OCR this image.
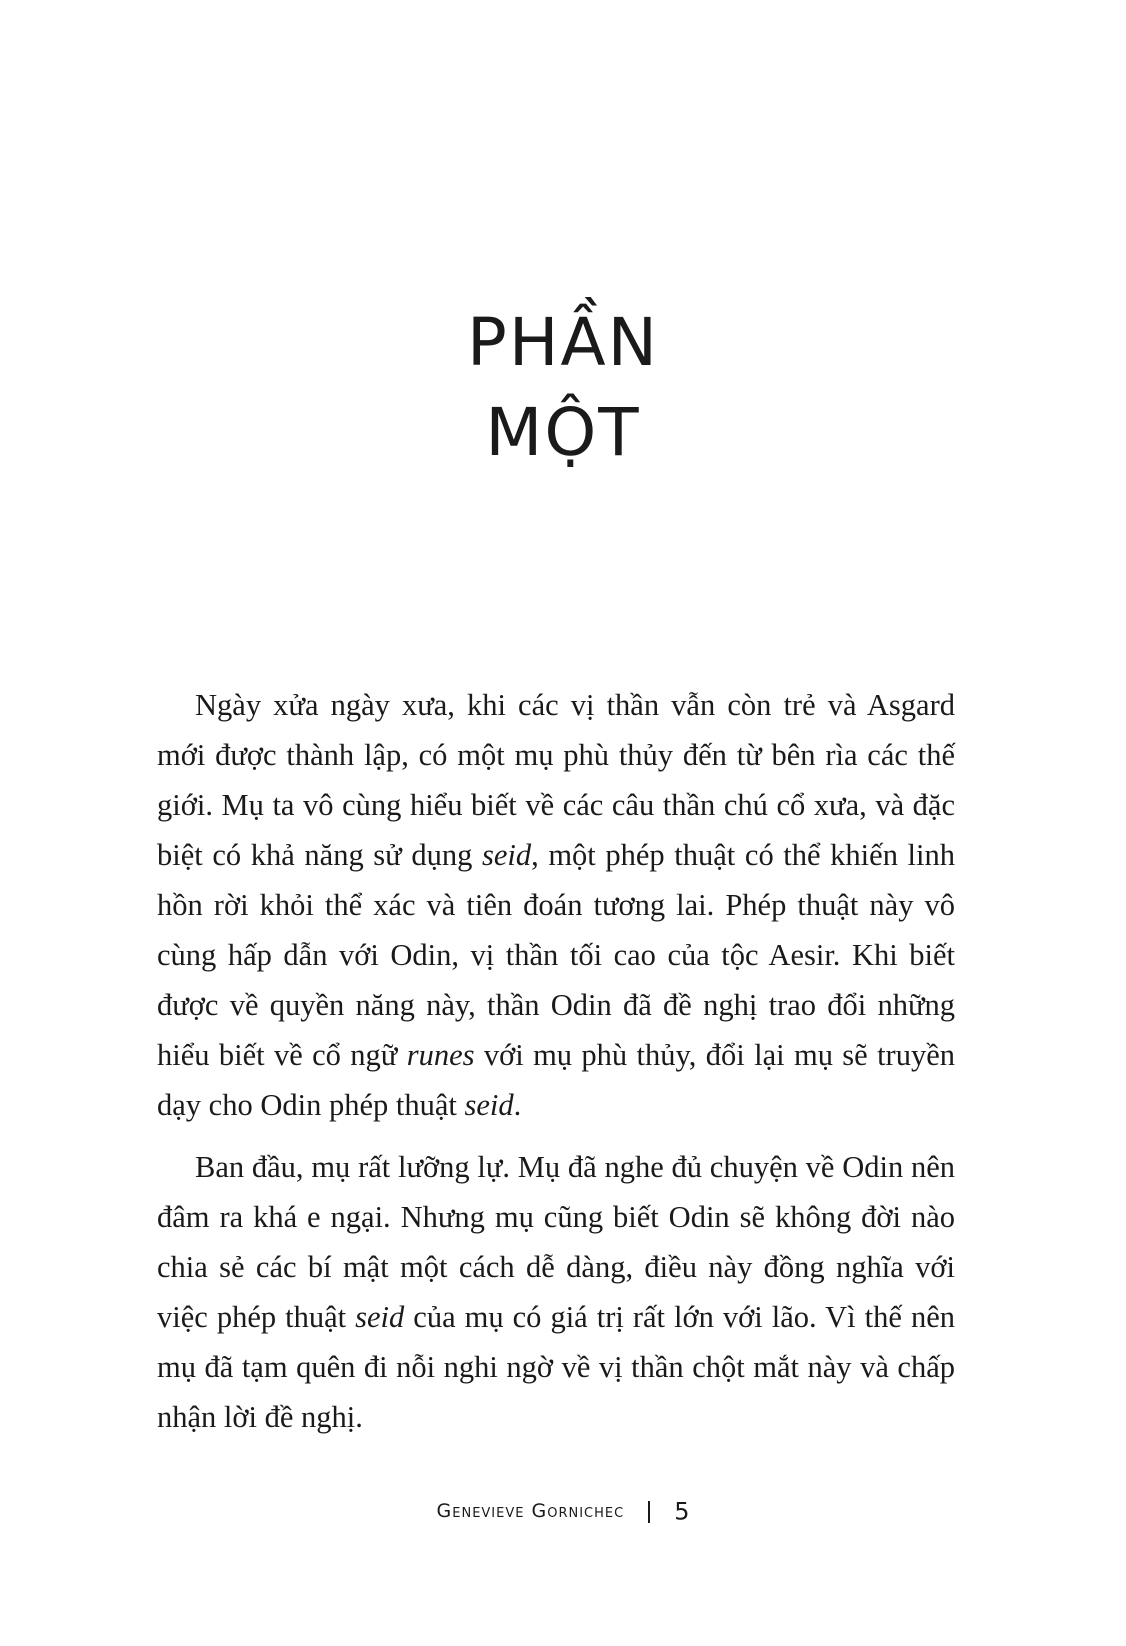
PHẦN
MỘT

Ngày xửa ngày xưa, khi các vị thần vẫn còn trẻ và Asgard mới được thành lập, có một mụ phù thủy đến từ bên rìa các thế giới. Mụ ta vô cùng hiểu biết về các câu thần chú cổ xưa, và đặc biệt có khả năng sử dụng seid, một phép thuật có thể khiến linh hồn rời khỏi thể xác và tiên đoán tương lai. Phép thuật này vô cùng hấp dẫn với Odin, vị thần tối cao của tộc Aesir. Khi biết được về quyền năng này, thần Odin đã đề nghị trao đổi những hiểu biết về cổ ngữ runes với mụ phù thủy, đổi lại mụ sẽ truyền dạy cho Odin phép thuật seid.

Ban đầu, mụ rất lưỡng lự. Mụ đã nghe đủ chuyện về Odin nên đâm ra khá e ngại. Nhưng mụ cũng biết Odin sẽ không đời nào chia sẻ các bí mật một cách dễ dàng, điều này đồng nghĩa với việc phép thuật seid của mụ có giá trị rất lớn với lão. Vì thế nên mụ đã tạm quên đi nỗi nghi ngờ về vị thần chột mắt này và chấp nhận lời đề nghị.

Genevieve Gornichec 5
